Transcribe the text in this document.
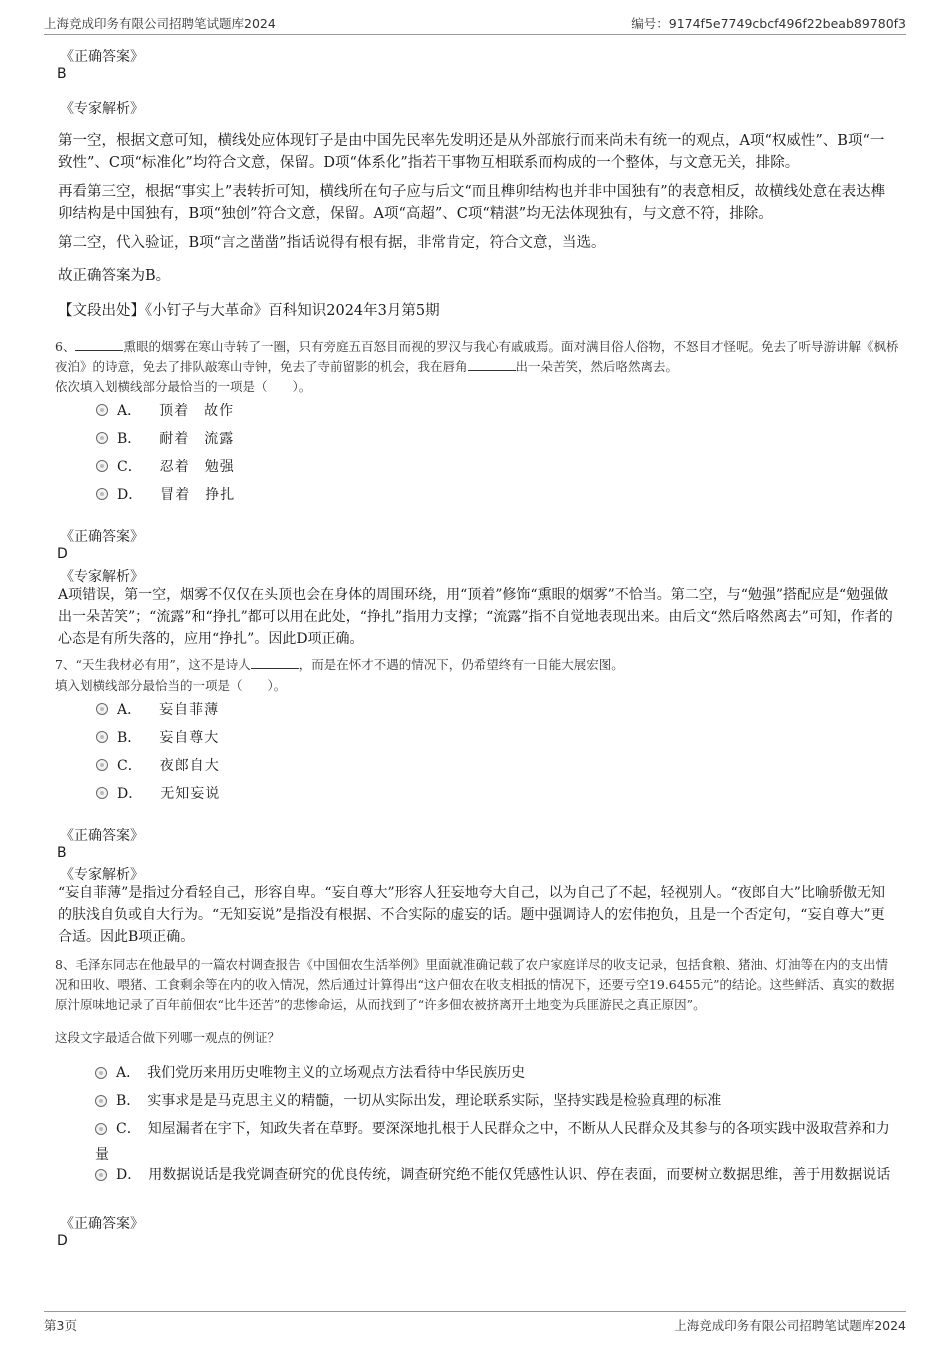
上海竞成印务有限公司招聘笔试题库2024	编号：9174f5e7749cbcf496f22beab89780f3
《正确答案》
B
《专家解析》

第一空，根据文意可知，横线处应体现钉子是由中国先民率先发明还是从外部旅行而来尚未有统一的观点，A项“权威性”、B项“一致性”、C项“标准化”均符合文意，保留。D项“体系化”指若干事物互相联系而构成的一个整体，与文意无关，排除。

再看第三空，根据“事实上”表转折可知，横线所在句子应与后文“而且榫卯结构也并非中国独有”的表意相反，故横线处意在表达榫卯结构是中国独有，B项“独创”符合文意，保留。A项“高超”、C项“精湛”均无法体现独有，与文意不符，排除。

第二空，代入验证，B项“言之凿凿”指话说得有根有据，非常肯定，符合文意，当选。

故正确答案为B。

【文段出处】《小钉子与大革命》百科知识2024年3月第5期

6、	熏眼的烟雾在寒山寺转了一圈，只有旁庭五百怒目而视的罗汉与我心有戚戚焉。面对满目俗人俗物，不怒目才怪呢。免去了听导游讲解《枫桥夜泊》的诗意，免去了排队敲寒山寺钟，免去了寺前留影的机会，我在唇角	出一朵苦笑，然后咯然离去。

依次填入划横线部分最恰当的一项是（　　）。

A． 顶着　故作
B． 耐着　流露
C． 忍着　勉强
D． 冒着　挣扎
《正确答案》
D
《专家解析》

A项错误，第一空，烟雾不仅仅在头顶也会在身体的周围环绕，用“顶着”修饰“熏眼的烟雾”不恰当。第二空，与“勉强”搭配应是“勉强做出一朵苦笑”；“流露”和“挣扎”都可以用在此处，“挣扎”指用力支撑；“流露”指不自觉地表现出来。由后文“然后咯然离去”可知，作者的心态是有所失落的，应用“挣扎”。因此D项正确。

7、“天生我材必有用”，这不是诗人	，而是在怀才不遇的情况下，仍希望终有一日能大展宏图。

填入划横线部分最恰当的一项是（　　）。

A． 妄自菲薄
B． 妄自尊大
C． 夜郎自大
D． 无知妄说
《正确答案》
B
《专家解析》

“妄自菲薄”是指过分看轻自己，形容自卑。“妄自尊大”形容人狂妄地夸大自己，以为自己了不起，轻视别人。“夜郎自大”比喻骄傲无知的肤浅自负或自大行为。“无知妄说”是指没有根据、不合实际的虚妄的话。题中强调诗人的宏伟抱负，且是一个否定句，“妄自尊大”更合适。因此B项正确。

8、毛泽东同志在他最早的一篇农村调查报告《中国佃农生活举例》里面就准确记载了农户家庭详尽的收支记录，包括食粮、猪油、灯油等在内的支出情况和田收、喂猪、工食剩余等在内的收入情况，然后通过计算得出“这户佃农在收支相抵的情况下，还要亏空19.6455元”的结论。这些鲜活、真实的数据原汁原味地记录了百年前佃农“比牛还苦”的悲惨命运，从而找到了“许多佃农被挤离开土地变为兵匪游民之真正原因”。

这段文字最适合做下列哪一观点的例证？

A．　 我们党历来用历史唯物主义的立场观点方法看待中华民族历史
B．　 实事求是是马克思主义的精髓，一切从实际出发，理论联系实际，坚持实践是检验真理的标准
C．　 知屋漏者在宇下，知政失者在草野。要深深地扎根于人民群众之中，不断从人民群众及其参与的各项实践中汲取营养和力量
D．　 用数据说话是我党调查研究的优良传统，调查研究绝不能仅凭感性认识、停在表面，而要树立数据思维，善于用数据说话
《正确答案》
D
第3页	上海竞成印务有限公司招聘笔试题库2024
